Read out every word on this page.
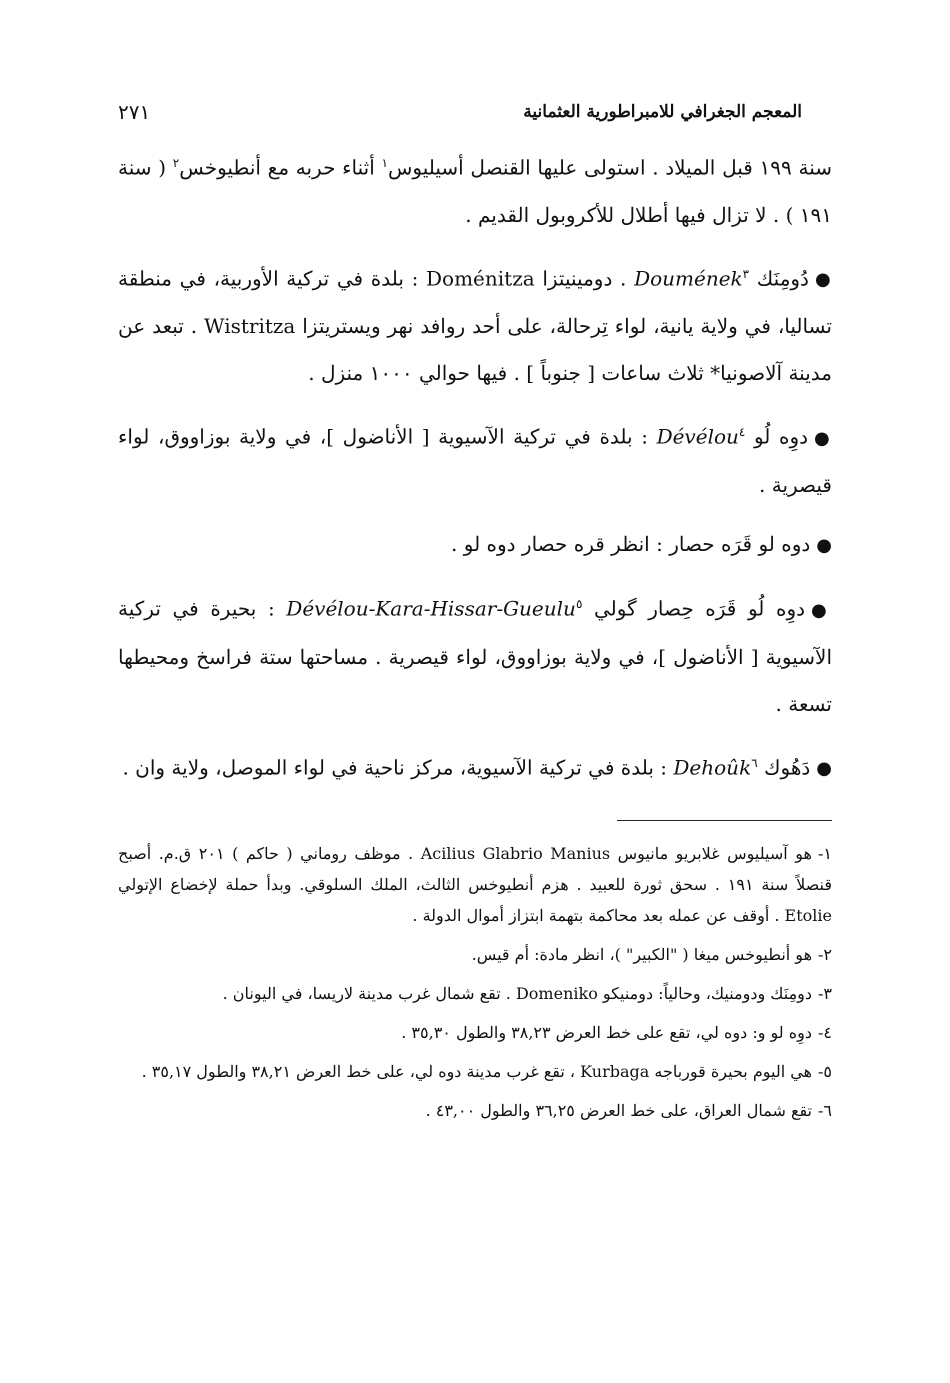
٢٧١	المعجم الجغرافي للامبراطورية العثمانية

سنة ١٩٩ قبل الميلاد . استولى عليها القنصل أسيليوس$^١$ أثناء حربه مع أنطيوخس$^٢$ ( سنة ١٩١ ) . لا تزال فيها أطلال للأكروبول القديم .

●دُومِنَك Doumének$^٣$ . دومينيتزا Doménitza : بلدة في تركية الأوربية، في منطقة تساليا، في ولاية يانية، لواء تِرحالة، على أحد روافد نهر ويستريتزا Wistritza . تبعد عن مدينة آلاصونيا* ثلاث ساعات [ جنوباً ] . فيها حوالي ١٠٠٠ منزل .

●دوِه لُو Dévélou$^٤$ : بلدة في تركية الآسيوية [ الأناضول ]، في ولاية بوزاووق، لواء قيصرية .

●دوه لو قَرَه حصار : انظر قره حصار دوه لو .

●دوِه لُو قَرَه حِصار گولي Dévélou-Kara-Hissar-Gueulu$^٥$ : بحيرة في تركية الآسيوية [ الأناضول ]، في ولاية بوزاووق، لواء قيصرية . مساحتها ستة فراسخ ومحيطها تسعة .

●دَهُوك Dehoûk$^٦$ : بلدة في تركية الآسيوية، مركز ناحية في لواء الموصل، ولاية وان .

١-هو آسيليوس غلابريو مانيوس Acilius Glabrio Manius . موظف روماني ( حاكم ) ٢٠١ ق.م. أصبح قنصلاً سنة ١٩١ . سحق ثورة للعبيد . هزم أنطيوخس الثالث، الملك السلوقي. وبدأ حملة لإخضاع الإتولي Etolie . أوقف عن عمله بعد محاكمة بتهمة ابتزاز أموال الدولة .

٢-هو أنطيوخس ميغا ( "الكبير" )، انظر مادة: أم قيس.

٣-دومِنَك ودومنيك، وحالياً: دومنيكو Domeniko . تقع شمال غرب مدينة لاريسا، في اليونان .

٤-دوِه لو و: دوه لي، تقع على خط العرض ٣٨,٢٣ والطول ٣٥,٣٠ .

٥-هي اليوم بحيرة قورباجه Kurbaga ، تقع غرب مدينة دوه لي، على خط العرض ٣٨,٢١ والطول ٣٥,١٧ .

٦-تقع شمال العراق، على خط العرض ٣٦,٢٥ والطول ٤٣,٠٠ .
